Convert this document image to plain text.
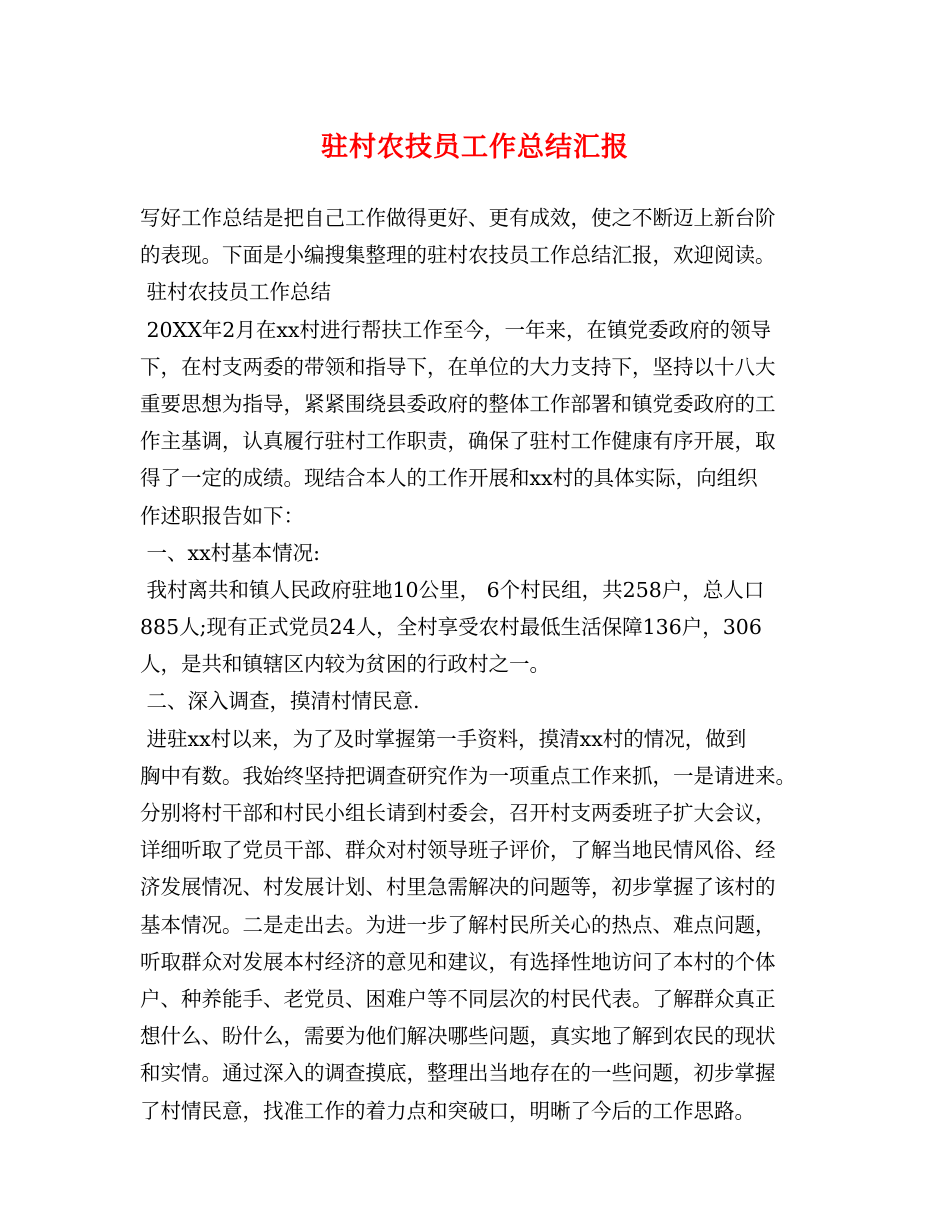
驻村农技员工作总结汇报
写好工作总结是把自己工作做得更好、更有成效，使之不断迈上新台阶
的表现。下面是小编搜集整理的驻村农技员工作总结汇报，欢迎阅读。
驻村农技员工作总结
20XX年2月在xx村进行帮扶工作至今，一年来，在镇党委政府的领导
下，在村支两委的带领和指导下，在单位的大力支持下，坚持以十八大
重要思想为指导，紧紧围绕县委政府的整体工作部署和镇党委政府的工
作主基调，认真履行驻村工作职责，确保了驻村工作健康有序开展，取
得了一定的成绩。现结合本人的工作开展和xx村的具体实际，向组织
作述职报告如下：
一、xx村基本情况:
我村离共和镇人民政府驻地10公里， 6个村民组，共258户，总人口
885人;现有正式党员24人，全村享受农村最低生活保障136户，306
人，是共和镇辖区内较为贫困的行政村之一。
二、深入调查，摸清村情民意.
进驻xx村以来，为了及时掌握第一手资料，摸清xx村的情况，做到
胸中有数。我始终坚持把调查研究作为一项重点工作来抓，一是请进来。
分别将村干部和村民小组长请到村委会，召开村支两委班子扩大会议，
详细听取了党员干部、群众对村领导班子评价，了解当地民情风俗、经
济发展情况、村发展计划、村里急需解决的问题等，初步掌握了该村的
基本情况。二是走出去。为进一步了解村民所关心的热点、难点问题，
听取群众对发展本村经济的意见和建议，有选择性地访问了本村的个体
户、种养能手、老党员、困难户等不同层次的村民代表。了解群众真正
想什么、盼什么，需要为他们解决哪些问题，真实地了解到农民的现状
和实情。通过深入的调查摸底，整理出当地存在的一些问题，初步掌握
了村情民意，找准工作的着力点和突破口，明晰了今后的工作思路。
